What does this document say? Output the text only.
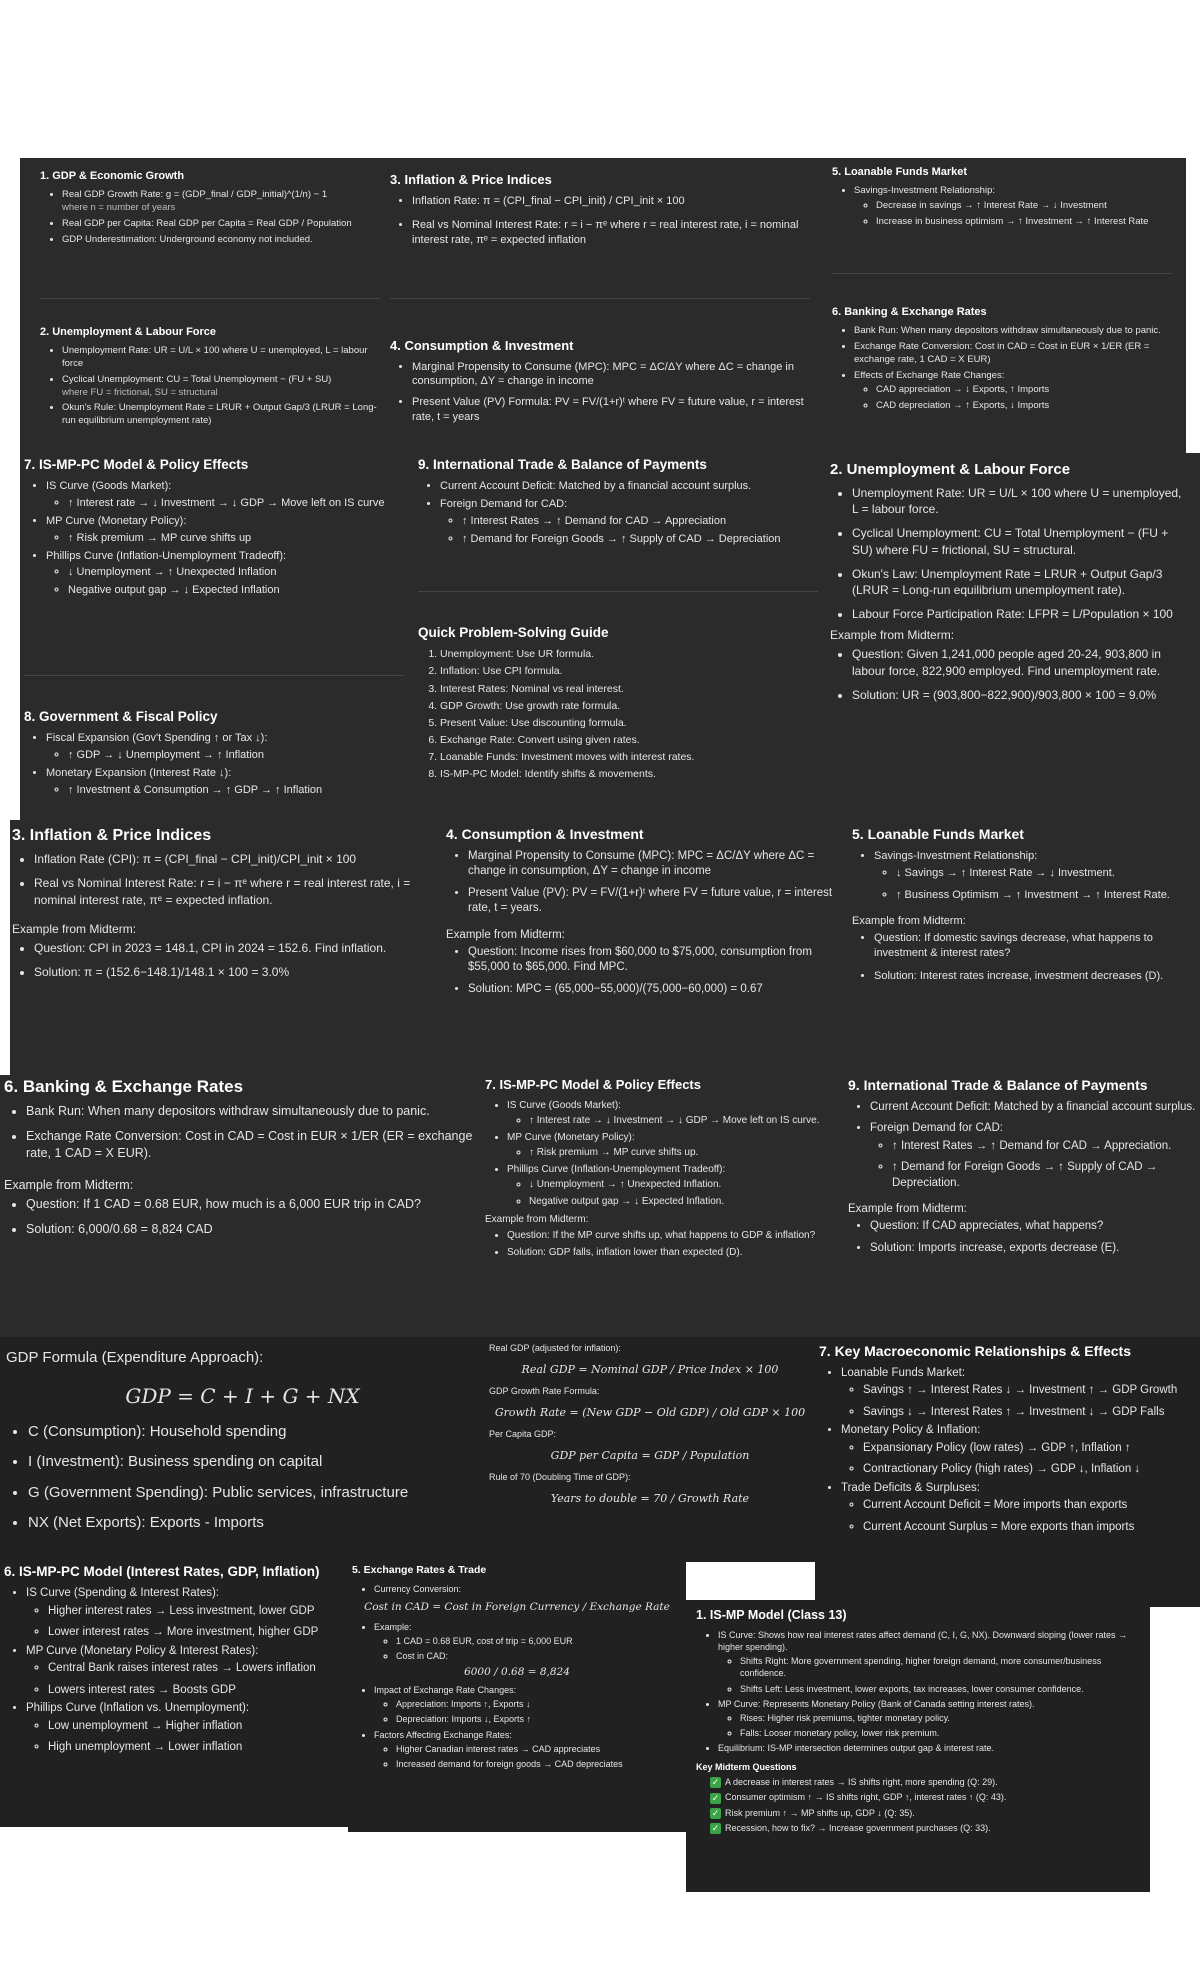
1. GDP & Economic Growth
• Real GDP Growth Rate: g = (GDP_final / GDP_initial)^(1/n) − 1
where n = number of years
• Real GDP per Capita: Real GDP per Capita = Real GDP / Population
• GDP Underestimation: Underground economy not included.
2. Unemployment & Labour Force
• Unemployment Rate: UR = U/L × 100 where U = unemployed, L = labour force
• Cyclical Unemployment: CU = Total Unemployment − (FU + SU)
where FU = frictional, SU = structural
• Okun's Rule: Unemployment Rate = LRUR + Output Gap/3 (LRUR = Long-run equilibrium unemployment rate)
3. Inflation & Price Indices
• Inflation Rate: π = (CPI_final − CPI_init) / CPI_init × 100
• Real vs Nominal Interest Rate: r = i − πᵉ where r = real interest rate, i = nominal interest rate, πᵉ = expected inflation
4. Consumption & Investment
• Marginal Propensity to Consume (MPC): MPC = ΔC/ΔY where ΔC = change in consumption, ΔY = change in income
• Present Value (PV) Formula: PV = FV/(1+r)ᵗ where FV = future value, r = interest rate, t = years
5. Loanable Funds Market
• Savings-Investment Relationship:
◦ Decrease in savings → ↑ Interest Rate → ↓ Investment
◦ Increase in business optimism → ↑ Investment → ↑ Interest Rate
6. Banking & Exchange Rates
• Bank Run: When many depositors withdraw simultaneously due to panic.
• Exchange Rate Conversion: Cost in CAD = Cost in EUR × 1/ER (ER = exchange rate, 1 CAD = X EUR)
• Effects of Exchange Rate Changes:
◦ CAD appreciation → ↓ Exports, ↑ Imports
◦ CAD depreciation → ↑ Exports, ↓ Imports
7. IS-MP-PC Model & Policy Effects
• IS Curve (Goods Market):
◦ ↑ Interest rate → ↓ Investment → ↓ GDP → Move left on IS curve
• MP Curve (Monetary Policy):
◦ ↑ Risk premium → MP curve shifts up
• Phillips Curve (Inflation-Unemployment Tradeoff):
◦ ↓ Unemployment → ↑ Unexpected Inflation
◦ Negative output gap → ↓ Expected Inflation
8. Government & Fiscal Policy
• Fiscal Expansion (Gov't Spending ↑ or Tax ↓):
◦ ↑ GDP → ↓ Unemployment → ↑ Inflation
• Monetary Expansion (Interest Rate ↓):
◦ ↑ Investment & Consumption → ↑ GDP → ↑ Inflation
9. International Trade & Balance of Payments
• Current Account Deficit: Matched by a financial account surplus.
• Foreign Demand for CAD:
◦ ↑ Interest Rates → ↑ Demand for CAD → Appreciation
◦ ↑ Demand for Foreign Goods → ↑ Supply of CAD → Depreciation
Quick Problem-Solving Guide
1. Unemployment: Use UR formula.
2. Inflation: Use CPI formula.
3. Interest Rates: Nominal vs real interest.
4. GDP Growth: Use growth rate formula.
5. Present Value: Use discounting formula.
6. Exchange Rate: Convert using given rates.
7. Loanable Funds: Investment moves with interest rates.
8. IS-MP-PC Model: Identify shifts & movements.
2. Unemployment & Labour Force
• Unemployment Rate: UR = U/L × 100 where U = unemployed, L = labour force.
• Cyclical Unemployment: CU = Total Unemployment − (FU + SU) where FU = frictional, SU = structural.
• Okun's Law: Unemployment Rate = LRUR + Output Gap/3 (LRUR = Long-run equilibrium unemployment rate).
• Labour Force Participation Rate: LFPR = L/Population × 100
Example from Midterm:
• Question: Given 1,241,000 people aged 20-24, 903,800 in labour force, 822,900 employed. Find unemployment rate.
• Solution: UR = (903,800−822,900)/903,800 × 100 = 9.0%
3. Inflation & Price Indices
• Inflation Rate (CPI): π = (CPI_final − CPI_init)/CPI_init × 100
• Real vs Nominal Interest Rate: r = i − πᵉ where r = real interest rate, i = nominal interest rate, πᵉ = expected inflation.
Example from Midterm:
• Question: CPI in 2023 = 148.1, CPI in 2024 = 152.6. Find inflation.
• Solution: π = (152.6−148.1)/148.1 × 100 = 3.0%
4. Consumption & Investment
• Marginal Propensity to Consume (MPC): MPC = ΔC/ΔY where ΔC = change in consumption, ΔY = change in income
• Present Value (PV): PV = FV/(1+r)ᵗ where FV = future value, r = interest rate, t = years.
Example from Midterm:
• Question: Income rises from $60,000 to $75,000, consumption from $55,000 to $65,000. Find MPC.
• Solution: MPC = (65,000−55,000)/(75,000−60,000) = 0.67
5. Loanable Funds Market
• Savings-Investment Relationship:
◦ ↓ Savings → ↑ Interest Rate → ↓ Investment.
◦ ↑ Business Optimism → ↑ Investment → ↑ Interest Rate.
Example from Midterm:
• Question: If domestic savings decrease, what happens to investment & interest rates?
• Solution: Interest rates increase, investment decreases (D).
6. Banking & Exchange Rates
• Bank Run: When many depositors withdraw simultaneously due to panic.
• Exchange Rate Conversion: Cost in CAD = Cost in EUR × 1/ER (ER = exchange rate, 1 CAD = X EUR).
Example from Midterm:
• Question: If 1 CAD = 0.68 EUR, how much is a 6,000 EUR trip in CAD?
• Solution: 6,000/0.68 = 8,824 CAD
7. IS-MP-PC Model & Policy Effects
• IS Curve (Goods Market):
◦ ↑ Interest rate → ↓ Investment → ↓ GDP → Move left on IS curve.
• MP Curve (Monetary Policy):
◦ ↑ Risk premium → MP curve shifts up.
• Phillips Curve (Inflation-Unemployment Tradeoff):
◦ ↓ Unemployment → ↑ Unexpected Inflation.
◦ Negative output gap → ↓ Expected Inflation.
Example from Midterm:
• Question: If the MP curve shifts up, what happens to GDP & inflation?
• Solution: GDP falls, inflation lower than expected (D).
9. International Trade & Balance of Payments
• Current Account Deficit: Matched by a financial account surplus.
• Foreign Demand for CAD:
◦ ↑ Interest Rates → ↑ Demand for CAD → Appreciation.
◦ ↑ Demand for Foreign Goods → ↑ Supply of CAD → Depreciation.
Example from Midterm:
• Question: If CAD appreciates, what happens?
• Solution: Imports increase, exports decrease (E).
GDP Formula (Expenditure Approach):
GDP = C + I + G + NX
• C (Consumption): Household spending
• I (Investment): Business spending on capital
• G (Government Spending): Public services, infrastructure
• NX (Net Exports): Exports - Imports
Real GDP (adjusted for inflation):
Real GDP = Nominal GDP / Price Index × 100
GDP Growth Rate Formula:
Growth Rate = (New GDP − Old GDP) / Old GDP × 100
Per Capita GDP:
GDP per Capita = GDP / Population
Rule of 70 (Doubling Time of GDP):
Years to double = 70 / Growth Rate
7. Key Macroeconomic Relationships & Effects
• Loanable Funds Market:
◦ Savings ↑ → Interest Rates ↓ → Investment ↑ → GDP Growth
◦ Savings ↓ → Interest Rates ↑ → Investment ↓ → GDP Falls
• Monetary Policy & Inflation:
◦ Expansionary Policy (low rates) → GDP ↑, Inflation ↑
◦ Contractionary Policy (high rates) → GDP ↓, Inflation ↓
• Trade Deficits & Surpluses:
◦ Current Account Deficit = More imports than exports
◦ Current Account Surplus = More exports than imports
6. IS-MP-PC Model (Interest Rates, GDP, Inflation)
• IS Curve (Spending & Interest Rates):
◦ Higher interest rates → Less investment, lower GDP
◦ Lower interest rates → More investment, higher GDP
• MP Curve (Monetary Policy & Interest Rates):
◦ Central Bank raises interest rates → Lowers inflation
◦ Lowers interest rates → Boosts GDP
• Phillips Curve (Inflation vs. Unemployment):
◦ Low unemployment → Higher inflation
◦ High unemployment → Lower inflation
5. Exchange Rates & Trade
• Currency Conversion:
Cost in CAD = Cost in Foreign Currency / Exchange Rate
• Example:
◦ 1 CAD = 0.68 EUR, cost of trip = 6,000 EUR
◦ Cost in CAD:
6000 / 0.68 = 8,824
• Impact of Exchange Rate Changes:
◦ Appreciation: Imports ↑, Exports ↓
◦ Depreciation: Imports ↓, Exports ↑
• Factors Affecting Exchange Rates:
◦ Higher Canadian interest rates → CAD appreciates
◦ Increased demand for foreign goods → CAD depreciates
1. IS-MP Model (Class 13)
• IS Curve: Shows how real interest rates affect demand (C, I, G, NX). Downward sloping (lower rates → higher spending).
◦ Shifts Right: More government spending, higher foreign demand, more consumer/business confidence.
◦ Shifts Left: Less investment, lower exports, tax increases, lower consumer confidence.
• MP Curve: Represents Monetary Policy (Bank of Canada setting interest rates).
◦ Rises: Higher risk premiums, tighter monetary policy.
◦ Falls: Looser monetary policy, lower risk premium.
• Equilibrium: IS-MP intersection determines output gap & interest rate.
Key Midterm Questions
✓ A decrease in interest rates → IS shifts right, more spending (Q: 29).
✓ Consumer optimism ↑ → IS shifts right, GDP ↑, interest rates ↑ (Q: 43).
✓ Risk premium ↑ → MP shifts up, GDP ↓ (Q: 35).
✓ Recession, how to fix? → Increase government purchases (Q: 33).
